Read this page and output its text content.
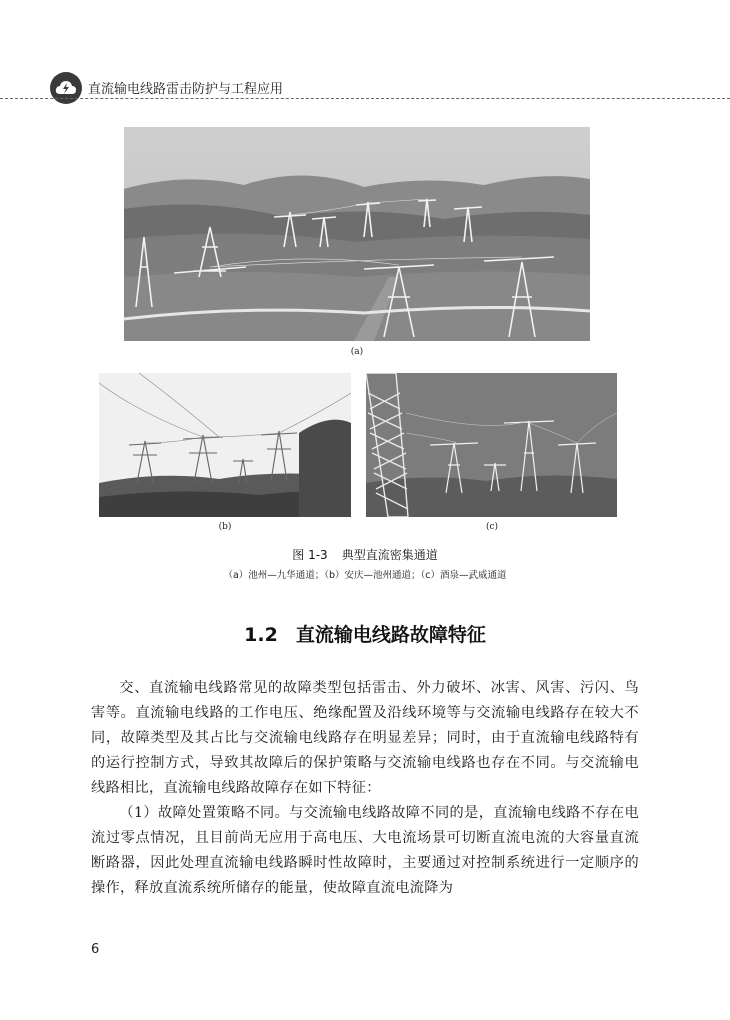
直流输电线路雷击防护与工程应用
(a)
(b)	(c)
图 1-3 典型直流密集通道
（a）池州—九华通道；（b）安庆—池州通道；（c）酒泉—武威通道
1.2 直流输电线路故障特征

交、直流输电线路常见的故障类型包括雷击、外力破坏、冰害、风害、污闪、鸟害等。直流输电线路的工作电压、绝缘配置及沿线环境等与交流输电线路存在较大不同，故障类型及其占比与交流输电线路存在明显差异；同时，由于直流输电线路特有的运行控制方式，导致其故障后的保护策略与交流输电线路也存在不同。与交流输电线路相比，直流输电线路故障存在如下特征：

（1）故障处置策略不同。与交流输电线路故障不同的是，直流输电线路不存在电流过零点情况，且目前尚无应用于高电压、大电流场景可切断直流电流的大容量直流断路器，因此处理直流输电线路瞬时性故障时，主要通过对控制系统进行一定顺序的操作，释放直流系统所储存的能量，使故障直流电流降为

6
